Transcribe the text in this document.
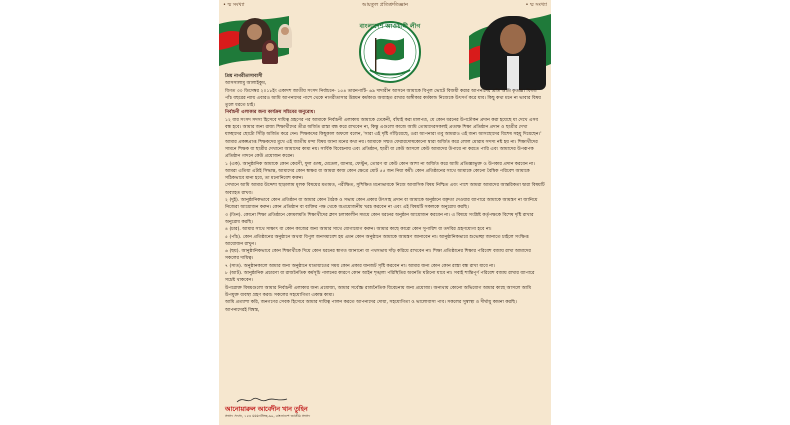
• ম্ম সংখ্যা	আয়তুল প্রতিশ্রুতিজ্ঞান	• ম্ম সংখ্যা
বাংলাদেশ আওয়ামী লীগ

প্রিয় নাগরীতাসাবাসী

আসসালামু আলাইকুম,

বিগত ৩০ ডিসেম্বর ২০১৮ইং একাদশ জাতীয় সংসদ নির্বাচনে- ১৫৪ তারনপাটি- ৬৯ দাদারীন আসনে আমাকে বিপুল ভোটে বিজয়ী করার আপনাদের প্রতি আমি কৃতজ্ঞ। বিগত পাঁচ বছরের ন্যায় এবারও আমি আপনাদের পাশে থেকে নাগরীতাসার উন্নয়ন কর্মকাণ্ড অব্যাহত রাখার অঙ্গীকার কর্মকান্ড নিজেকে উৎসর্গ করে যাব। কিছু কথা মনে না ভাবার বিষয় তুলে ধরতে চাই।

নির্বাচনী এলাকার জন্য কার্যক্রম সচিবের অনুরোধ।

১২ বার সংসদ সদস্য হিসেবে দায়িত্ব গ্রহণের পর আমাকে নির্বাচনী এলাকায় আমাকে ঢেকেনী, বাঁধাই করা মালপত্র, যে কোন ধরনের উপঢৌকন প্রদান করা হয়েছে যা দেখে এসব বন্ধ হবে। আমার জন্য রাজ্য শিক্ষার্থীদের তীব্র অর্জিত রাস্তা বন্ধ করে রাখবেন না, কিন্তু এগুলো কাজে আমি তোমাদেরসকলই প্রত্যক্ষ শিক্ষা প্রতিষ্ঠান প্রদান ও ছাত্রীর দেখা যাচ্ছাদের ছোটো সিঁড়ি অর্জিত করে দেন। শিক্ষকদের কিছুকাল অফলে বলেন, 'সারা এই দৃষ্টি গাঁড়িয়েছে, ওরা আপনারা তবু আমরাও এই জন্য আসছোদের বিশেষ সহযু দিয়েছেন।'

আমার প্রকল্পপ্রাপ্ত শিক্ষকদের মুখে এই জাতীয় মন্দা বিষয় জানা মনের কথা নয়। আমাকে সম্মত ফেরারদোষকোনো দ্বারা অর্জিত করে লোল মোরাম সদস্য নষ্ট হয় না। শিক্ষার্থীদের সামনে শিক্ষক বা ছাত্রীর দেখানো আমাদের কাম্য নয়। সার্বিক বিবেচনায় এবং প্রতিষ্ঠান, ছাত্রী বা কেউ আসলে কেউ আমাদের উপায়ে না করতে পারি এবং আমাদের উপরূপক প্রতিষ্ঠান গাদনে কেউ প্রয়োজন করেন।

১ (এক). আনুষ্ঠানিক আমাকে কোন কেরণী, ফুল গুচ্ছ, মেডেল, ব্যানার, ফেস্টুন, তোরণ বা কেউ কোন আশা না অর্জিত করে আমি প্রতিজ্ঞাভুক্ত ও উপকার প্রদান করবেন না। আমরা এতিয়া এটাই সিদ্ধান্ত, আমাদের কোন স্বাক্ষর বা আমরা কাজ কোন ক্ষেত্রে মোট ৫৫ জন নিয়া কর্মী। কোন প্রতিষ্ঠানের সাথে আমাকে কোনো বৈশ্বিক পরিবেশ আমাকে সঠিকভাবে মানা হবে, তা মনোনিবেশ করুন।

সেখানে আমি আমার উদ্দেশ্য ছাড়ালাম মূলক বিষয়ের মতামত, পরীক্ষিত, সুশিক্ষিত মনোভাবকে নিজে আবাসিক বিষয় নিশ্চিত এবং পাশে আমরা আমাদের আন্তরিকতা দ্বারা বিষয়টি অব্যাহত রাখব।

২ (দুই). আনুষ্ঠানিকভাবে কোন প্রতিষ্ঠান বা আমার কোন বৈঠক ও সভায় কোন প্রকার উৎসাহ প্রদান বা আমাকে অনুষ্ঠানে বক্তৃতা দেওয়ার ব্যাপারে আমাকে আমন্ত্রণ না জানিয়ে নিজেরা আয়োজন করুন। কোন প্রতিষ্ঠান বা ব্যক্তির পক্ষ থেকে অপ্রয়োজনীয় খরচ করবেন না এবং এই বিষয়টি সকলকে অনুরোধ করছি।

৩ (তিন). কোনো শিক্ষা প্রতিষ্ঠানে কোমলমতি শিক্ষার্থীদের ক্লাস চলাকালীন সময়ে কোন ধরনের অনুষ্ঠান আয়োজন করবেন না। এ বিষয়ে সংশ্লিষ্ট কর্তৃপক্ষকে বিশেষ দৃষ্টি রাখার অনুরোধ করছি।

৪ (চার). আমার সাথে সাক্ষাৎ বা কোন কাজের জন্য আমার সাথে যোগাযোগ করুন। আমার কাছে কারো কোন সুপারিশ বা তদবির গ্রহণযোগ্য হবে না।

৫ (পাঁচ). কোন প্রতিষ্ঠানের অনুষ্ঠানে অথবা বিপুল জনসমাবেশ হয় এমন কোন অনুষ্ঠানে আমাকে আমন্ত্রণ জানাবেন না। আনুষ্ঠানিকভাবে শুভেচ্ছা জানাতে চাইলে সংক্ষিপ্ত আয়োজন রাখুন।

৬ (ছয়). আনুষ্ঠানিকভাবে কোন শিক্ষার্থীকে দিয়ে কোন ধরনের স্বাগত জানানো বা পথসভায় দাঁড় করিয়ে রাখবেন না। শিক্ষা প্রতিষ্ঠানের শিক্ষার পরিবেশ বজায় রাখা আমাদের সকলের দায়িত্ব।

৭ (সাত). অনুষ্ঠানকালে আমার জন্য অনুষ্ঠানে যাতায়াতের সময় কোন প্রকার যানজট সৃষ্টি করবেন না। আমার জন্য কোন কোন রাস্তা বন্ধ রাখা যাবে না।

৮ (আট). আনুষ্ঠানিক প্রচারণা বা রাজনৈতিক কর্মসূচি পালনের কারণে কোন আইন শৃঙ্খলা পরিস্থিতির অবনতি ঘটানো যাবে না। সবাই শান্তিপূর্ণ পরিবেশ বজায় রাখার ব্যাপারে সচেষ্ট থাকবেন।

উপরোক্ত বিষয়গুলো আমার নির্বাচনী এলাকার জন্য প্রযোজ্য, আমার সর্বোচ্চ রাজনৈতিক বিবেচনায় জন্য প্রয়োজ্য। অন্যথায় কোনো অভিযোগ আমার কাছে আসলে আমি উপযুক্ত ব্যবস্থা গ্রহণ করব। সকলের সহযোগিতা একান্ত কাম্য।

আমি প্রত্যাশা করি, জনগণের সেবক হিসেবে আমার দায়িত্ব পালন করতে আপনাদের দোয়া, সহযোগিতা ও ভালোবাসা পাব। সকলের সুস্বাস্থ্য ও দীর্ঘায়ু কামনা করছি।

আপনাদেরই বিশ্বস্ত,

আনোয়ারুল আবেদীন খান তুহিন
সংসদ সদস্য, ১৫৪ ময়মনসিংহ-৬৯, বাংলাদেশ জাতীয় সংসদ
